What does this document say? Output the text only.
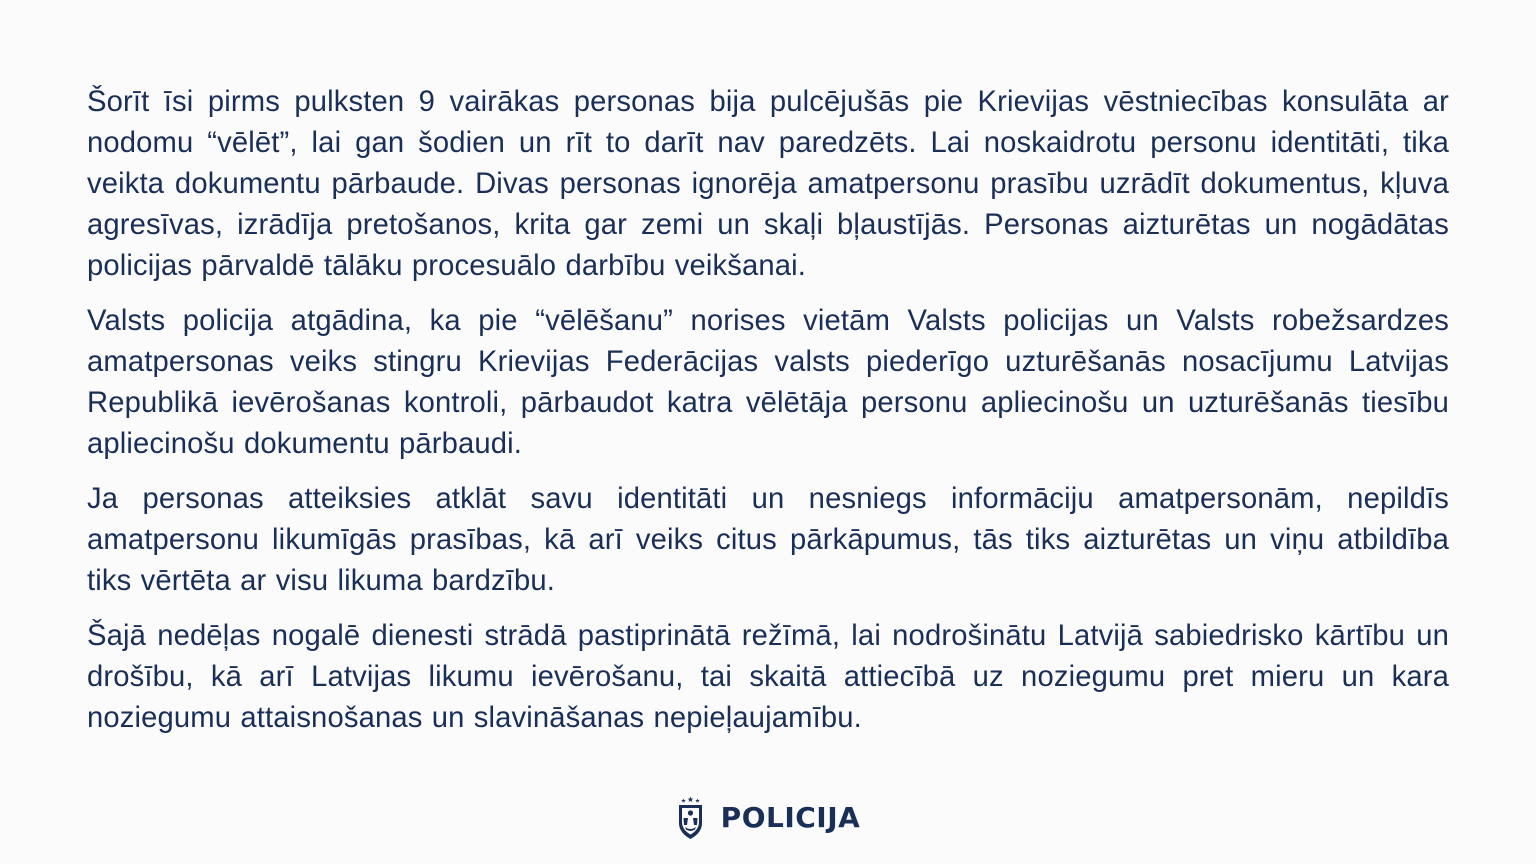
Šorīt īsi pirms pulksten 9 vairākas personas bija pulcējušās pie Krievijas vēstniecības konsulāta ar nodomu “vēlēt”, lai gan šodien un rīt to darīt nav paredzēts. Lai noskaidrotu personu identitāti, tika veikta dokumentu pārbaude. Divas personas ignorēja amatpersonu prasību uzrādīt dokumentus, kļuva agresīvas, izrādīja pretošanos, krita gar zemi un skaļi bļaustījās. Personas aizturētas un nogādātas policijas pārvaldē tālāku procesuālo darbību veikšanai.

Valsts policija atgādina, ka pie “vēlēšanu” norises vietām Valsts policijas un Valsts robežsardzes amatpersonas veiks stingru Krievijas Federācijas valsts piederīgo uzturēšanās nosacījumu Latvijas Republikā ievērošanas kontroli, pārbaudot katra vēlētāja personu apliecinošu un uzturēšanās tiesību apliecinošu dokumentu pārbaudi.

Ja personas atteiksies atklāt savu identitāti un nesniegs informāciju amatpersonām, nepildīs amatpersonu likumīgās prasības, kā arī veiks citus pārkāpumus, tās tiks aizturētas un viņu atbildība tiks vērtēta ar visu likuma bardzību.

Šajā nedēļas nogalē dienesti strādā pastiprinātā režīmā, lai nodrošinātu Latvijā sabiedrisko kārtību un drošību, kā arī Latvijas likumu ievērošanu, tai skaitā attiecībā uz noziegumu pret mieru un kara noziegumu attaisnošanas un slavināšanas nepieļaujamību.

POLICIJA
